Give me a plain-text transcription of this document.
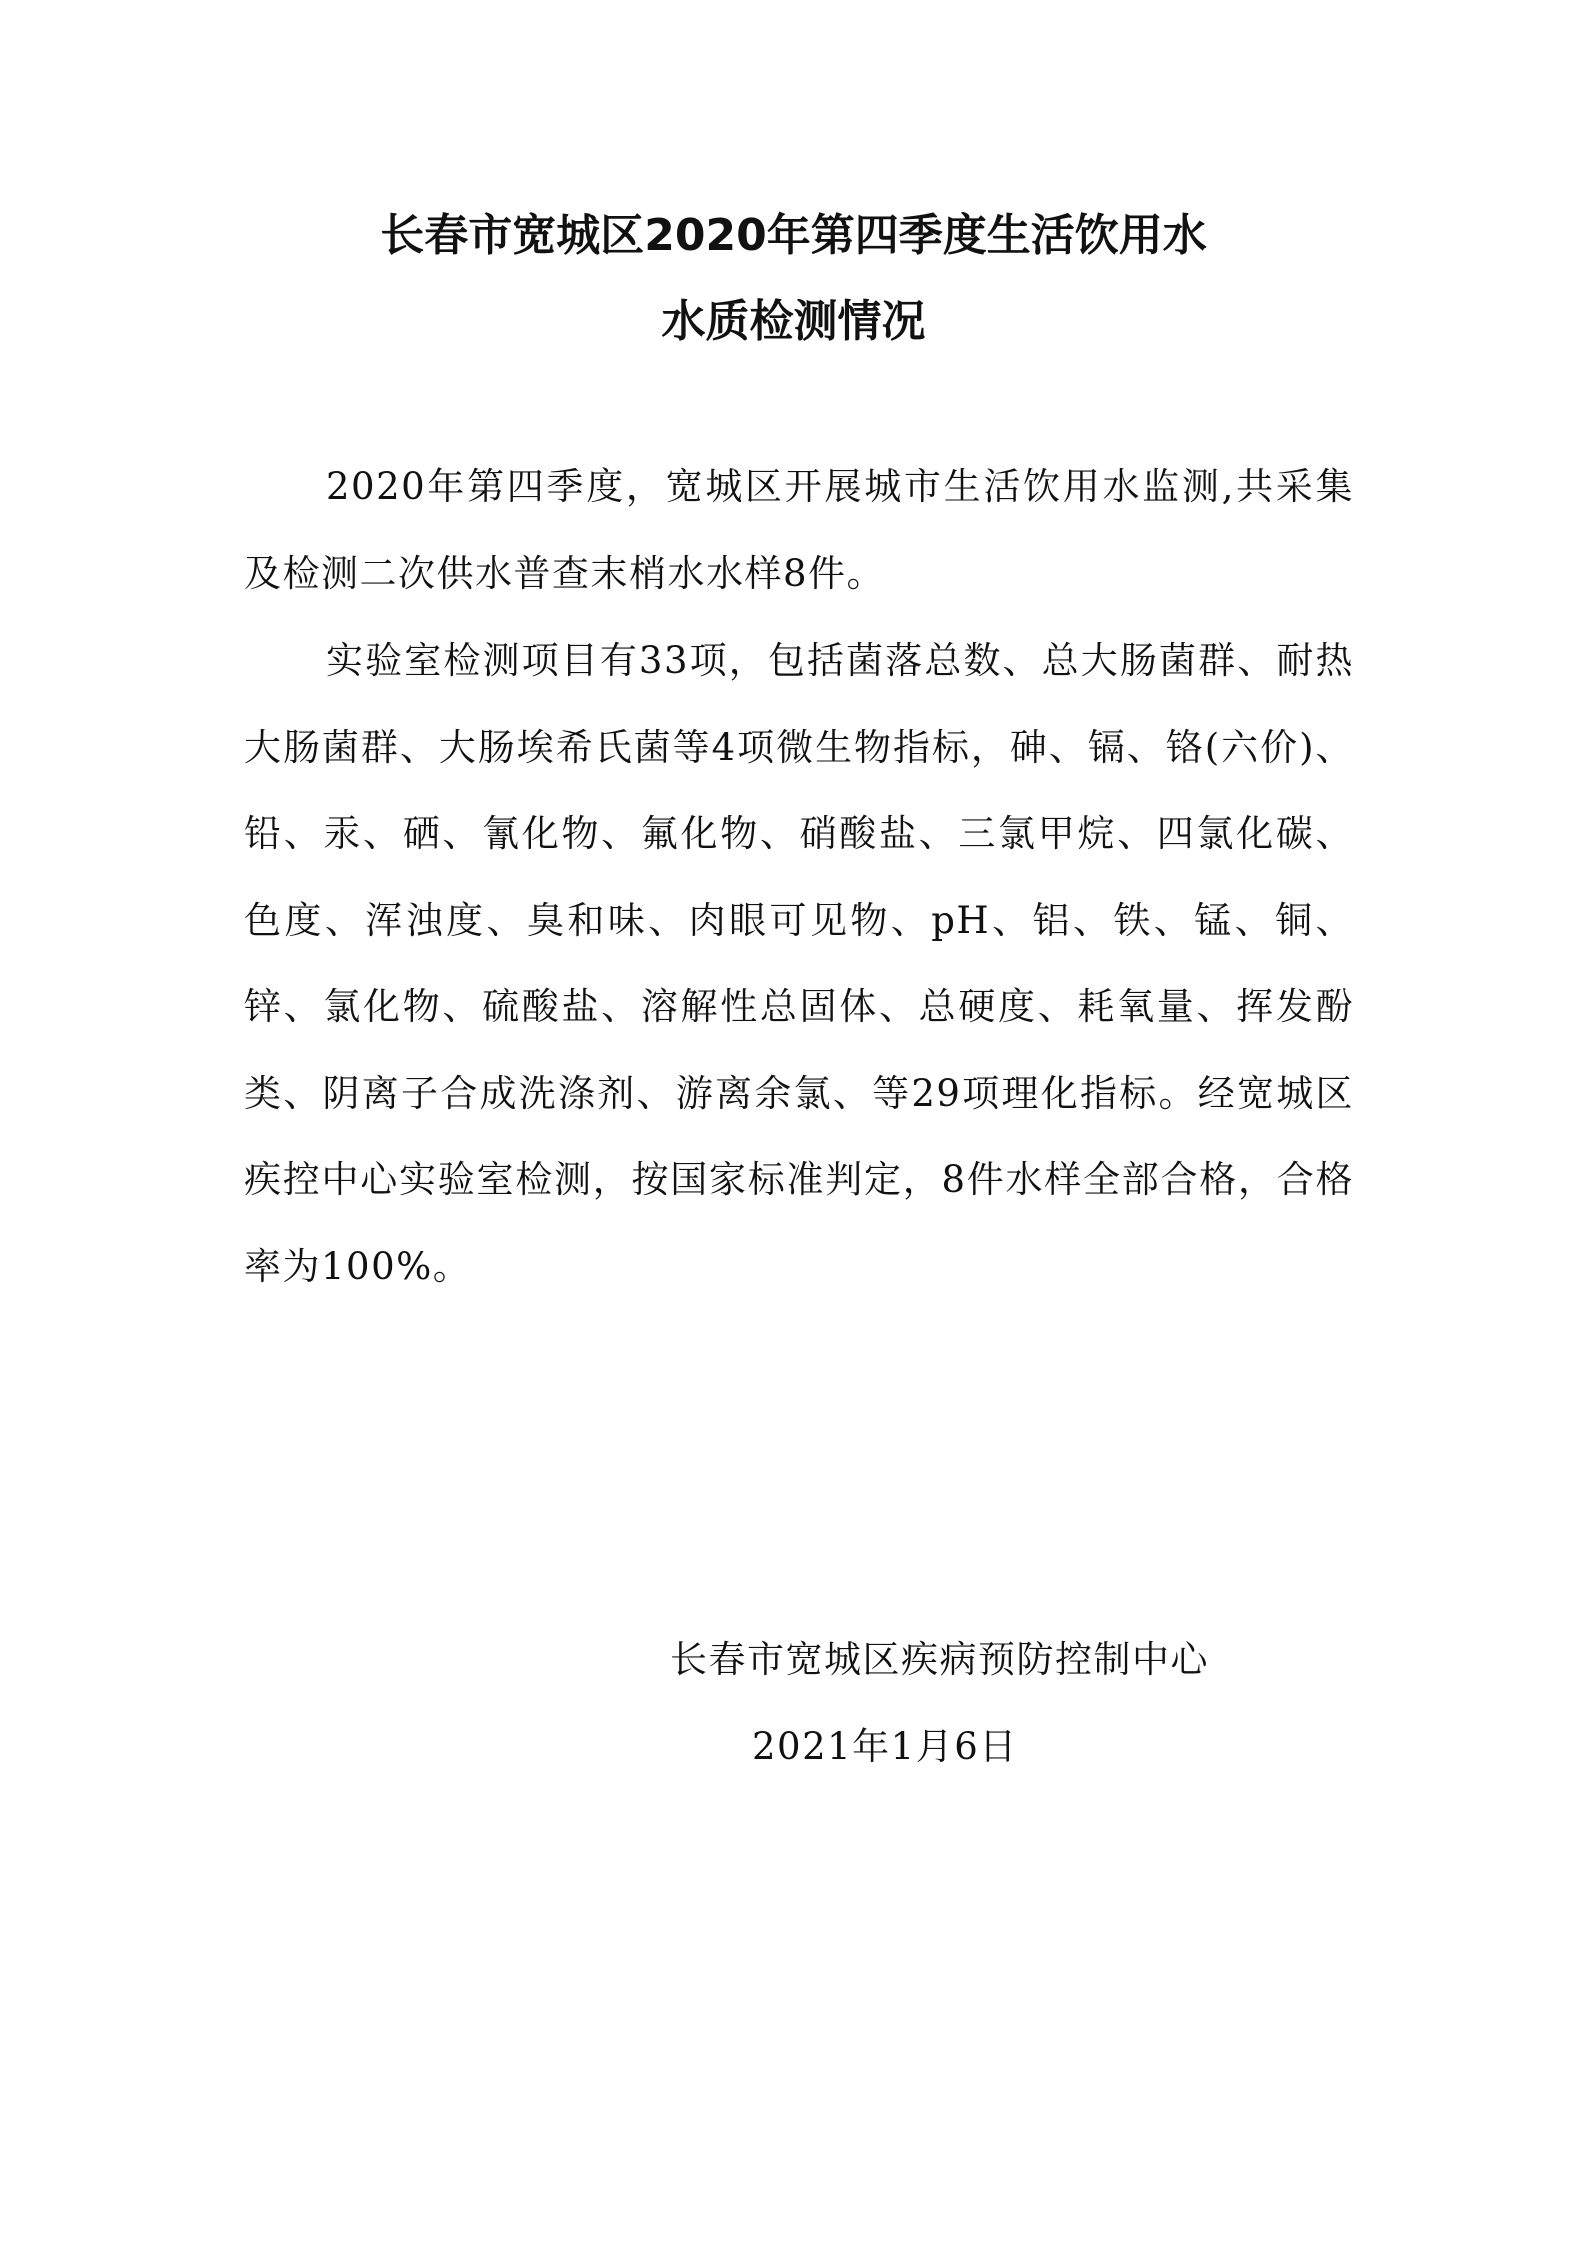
长春市宽城区2020年第四季度生活饮用水
水质检测情况

2020年第四季度，宽城区开展城市生活饮用水监测,共采集及检测二次供水普查末梢水水样8件。

实验室检测项目有33项，包括菌落总数、总大肠菌群、耐热大肠菌群、大肠埃希氏菌等4项微生物指标，砷、镉、铬(六价)、铅、汞、硒、氰化物、氟化物、硝酸盐、三氯甲烷、四氯化碳、色度、浑浊度、臭和味、肉眼可见物、pH、铝、铁、锰、铜、锌、氯化物、硫酸盐、溶解性总固体、总硬度、耗氧量、挥发酚类、阴离子合成洗涤剂、游离余氯、等29项理化指标。经宽城区疾控中心实验室检测，按国家标准判定，8件水样全部合格，合格率为100%。

长春市宽城区疾病预防控制中心

2021年1月6日
